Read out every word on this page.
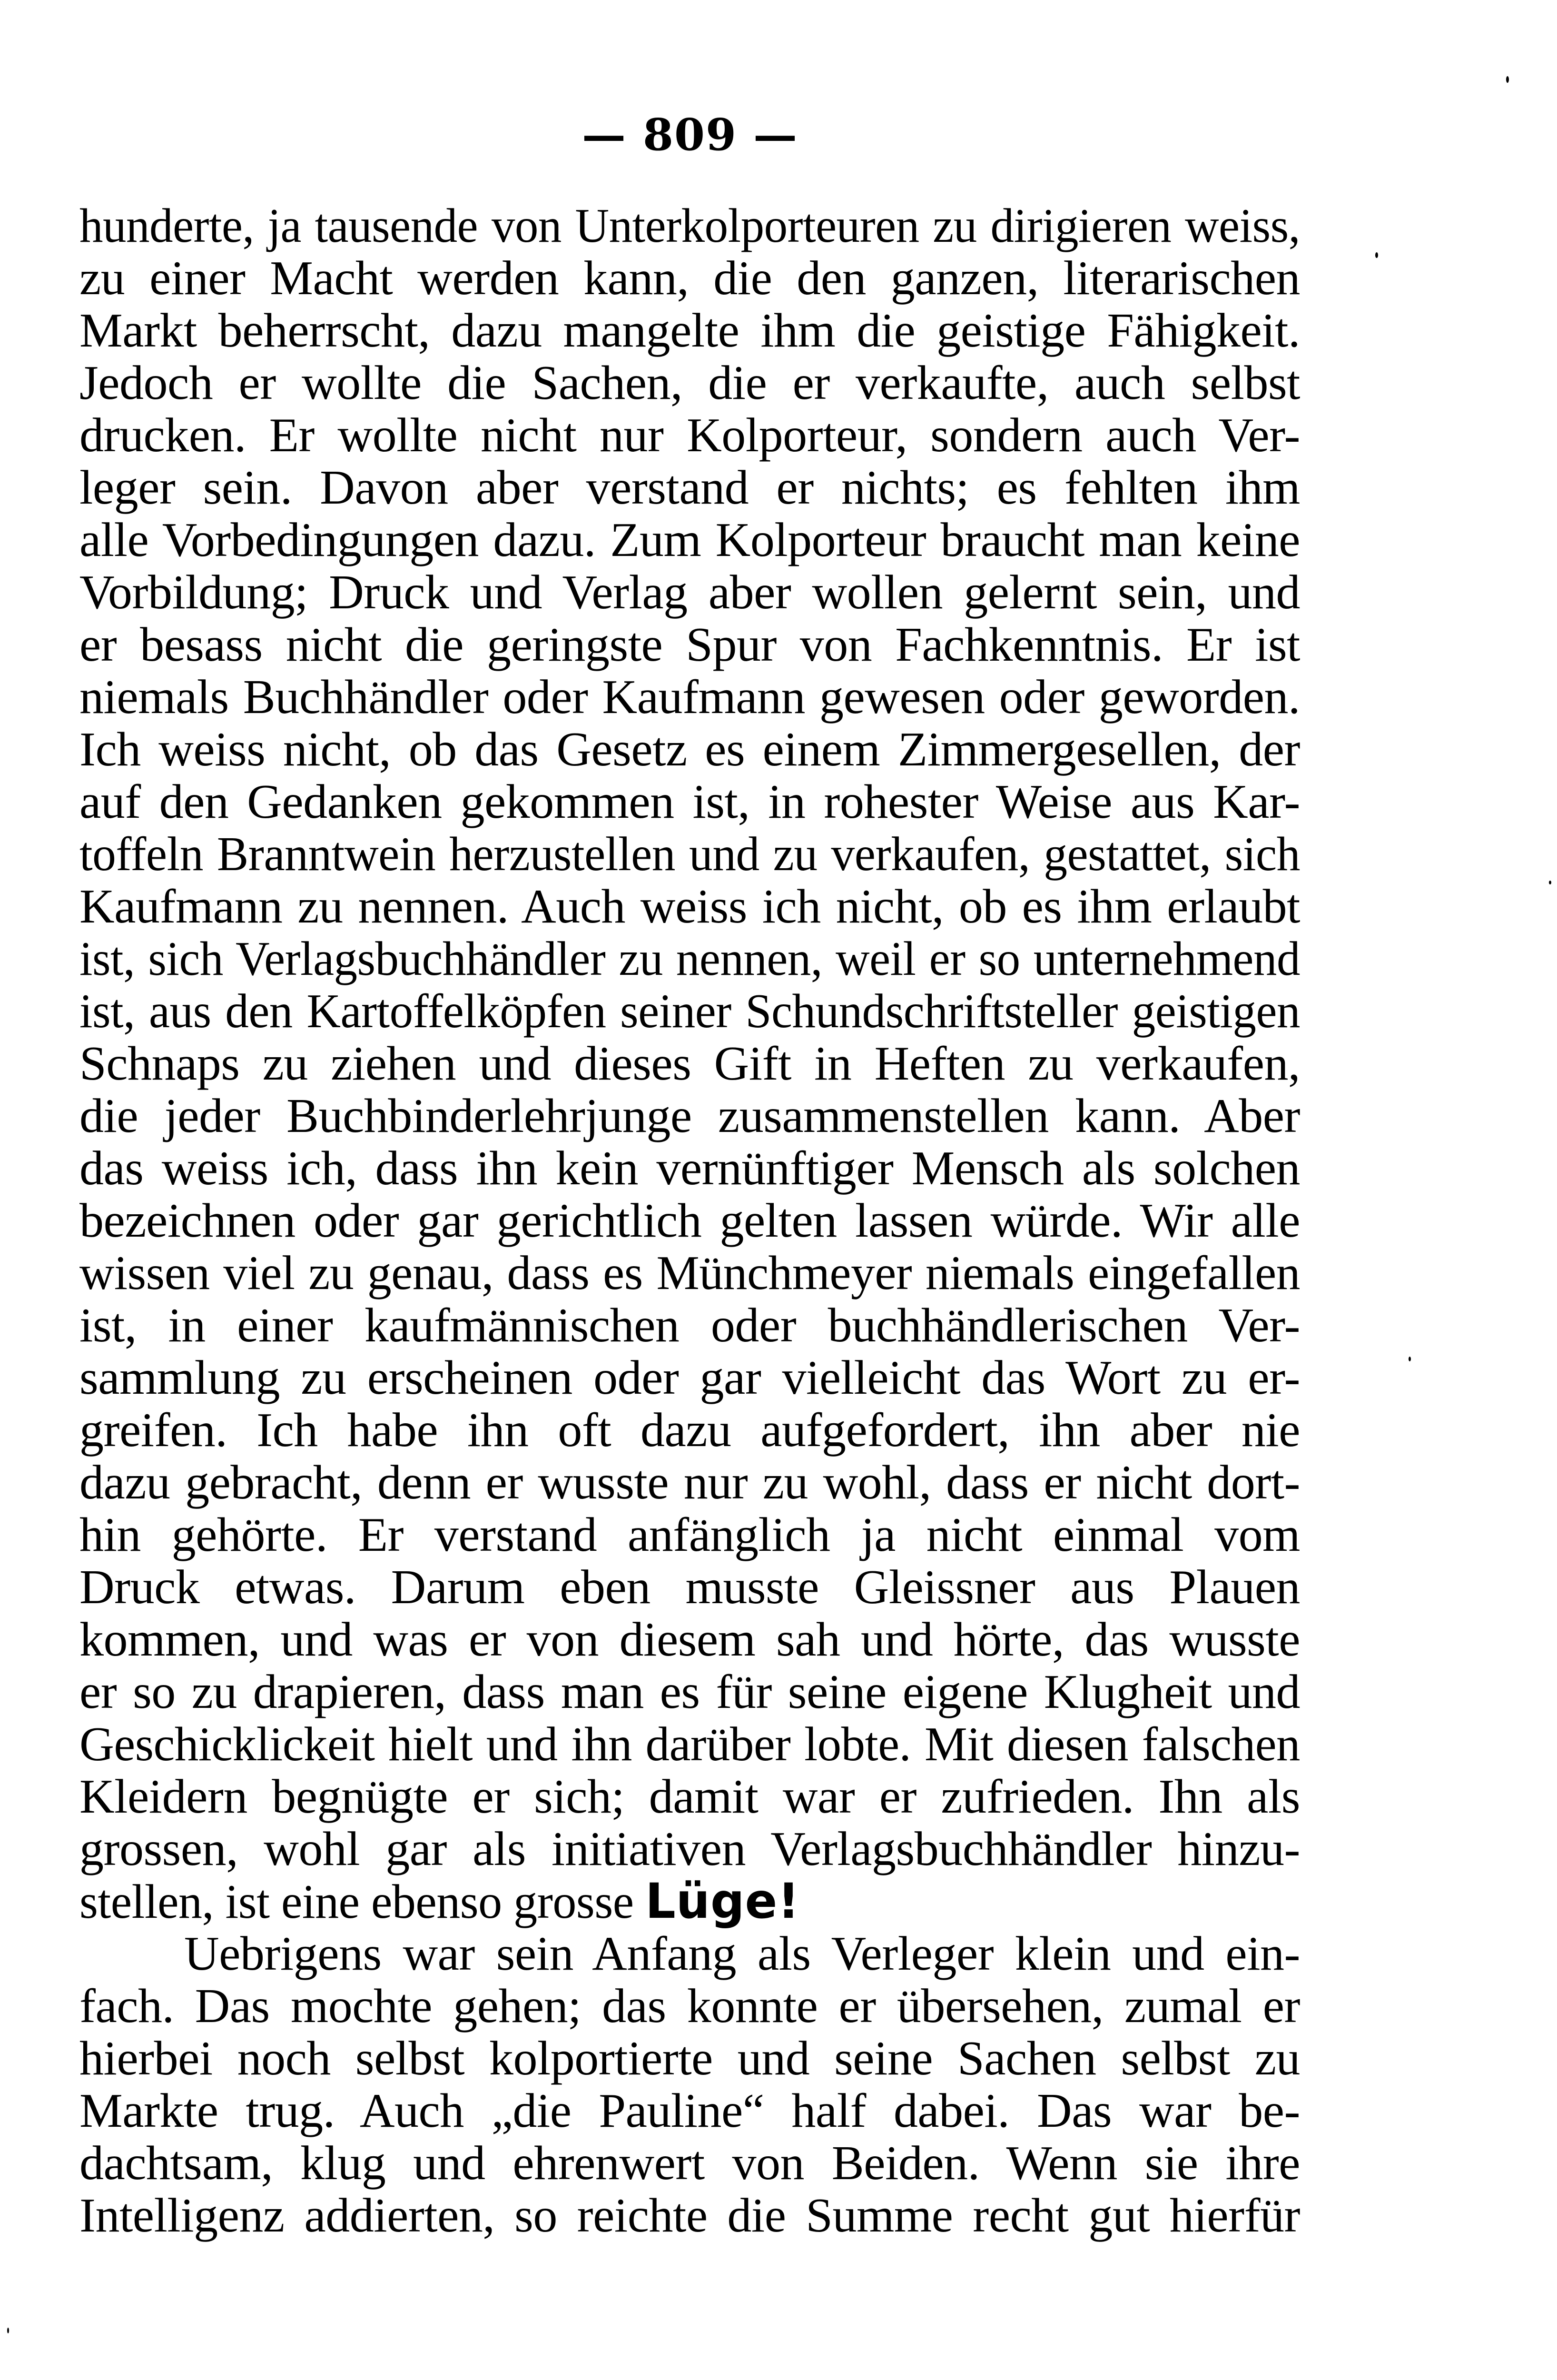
— 809 —
hunderte, ja tausende von Unterkolporteuren zu dirigieren weiss,
zu einer Macht werden kann, die den ganzen, literarischen
Markt beherrscht, dazu mangelte ihm die geistige Fähigkeit.
Jedoch er wollte die Sachen, die er verkaufte, auch selbst
drucken. Er wollte nicht nur Kolporteur, sondern auch Ver-
leger sein. Davon aber verstand er nichts; es fehlten ihm
alle Vorbedingungen dazu. Zum Kolporteur braucht man keine
Vorbildung; Druck und Verlag aber wollen gelernt sein, und
er besass nicht die geringste Spur von Fachkenntnis. Er ist
niemals Buchhändler oder Kaufmann gewesen oder geworden.
Ich weiss nicht, ob das Gesetz es einem Zimmergesellen, der
auf den Gedanken gekommen ist, in rohester Weise aus Kar-
toffeln Branntwein herzustellen und zu verkaufen, gestattet, sich
Kaufmann zu nennen. Auch weiss ich nicht, ob es ihm erlaubt
ist, sich Verlagsbuchhändler zu nennen, weil er so unternehmend
ist, aus den Kartoffelköpfen seiner Schundschriftsteller geistigen
Schnaps zu ziehen und dieses Gift in Heften zu verkaufen,
die jeder Buchbinderlehrjunge zusammenstellen kann. Aber
das weiss ich, dass ihn kein vernünftiger Mensch als solchen
bezeichnen oder gar gerichtlich gelten lassen würde. Wir alle
wissen viel zu genau, dass es Münchmeyer niemals eingefallen
ist, in einer kaufmännischen oder buchhändlerischen Ver-
sammlung zu erscheinen oder gar vielleicht das Wort zu er-
greifen. Ich habe ihn oft dazu aufgefordert, ihn aber nie
dazu gebracht, denn er wusste nur zu wohl, dass er nicht dort-
hin gehörte. Er verstand anfänglich ja nicht einmal vom
Druck etwas. Darum eben musste Gleissner aus Plauen
kommen, und was er von diesem sah und hörte, das wusste
er so zu drapieren, dass man es für seine eigene Klugheit und
Geschicklickeit hielt und ihn darüber lobte. Mit diesen falschen
Kleidern begnügte er sich; damit war er zufrieden. Ihn als
grossen, wohl gar als initiativen Verlagsbuchhändler hinzu-
stellen, ist eine ebenso grosse Lüge!
Uebrigens war sein Anfang als Verleger klein und ein-
fach. Das mochte gehen; das konnte er übersehen, zumal er
hierbei noch selbst kolportierte und seine Sachen selbst zu
Markte trug. Auch „die Pauline“ half dabei. Das war be-
dachtsam, klug und ehrenwert von Beiden. Wenn sie ihre
Intelligenz addierten, so reichte die Summe recht gut hierfür
